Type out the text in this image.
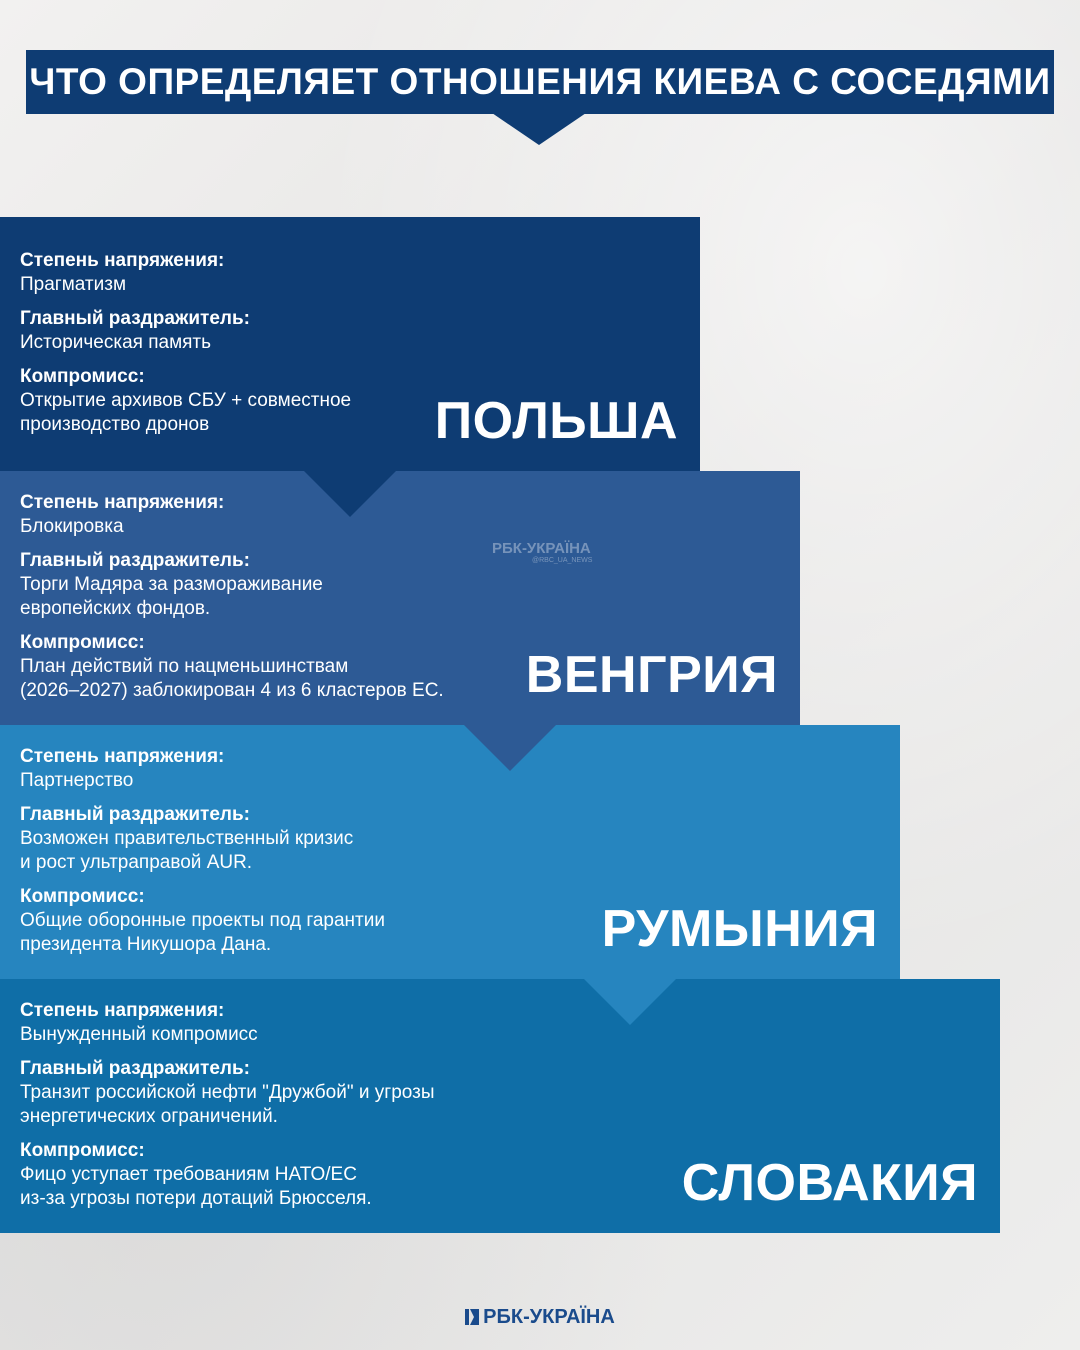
ЧТО ОПРЕДЕЛЯЕТ ОТНОШЕНИЯ КИЕВА С СОСЕДЯМИ

Степень напряжения:

Прагматизм

Главный раздражитель:

Историческая память

Компромисс:

Открытие архивов СБУ + совместное
производство дронов	ПОЛЬША

Степень напряжения:

Блокировка

Главный раздражитель:

Торги Мадяра за размораживание
европейских фондов.

Компромисс:

План действий по нацменьшинствам
(2026–2027) заблокирован 4 из 6 кластеров ЕС.	ВЕНГРИЯ

Степень напряжения:

Партнерство

Главный раздражитель:

Возможен правительственный кризис
и рост ультраправой AUR.

Компромисс:

Общие оборонные проекты под гарантии
президента Никушора Дана.	РУМЫНИЯ

Степень напряжения:

Вынужденный компромисс

Главный раздражитель:

Транзит российской нефти "Дружбой" и угрозы
энергетических ограничений.

Компромисс:

Фицо уступает требованиям НАТО/ЕС
из-за угрозы потери дотаций Брюсселя.	СЛОВАКИЯ
РБК-УКРАЇНА
@RBC_UA_NEWS
РБК-УКРАЇНА
